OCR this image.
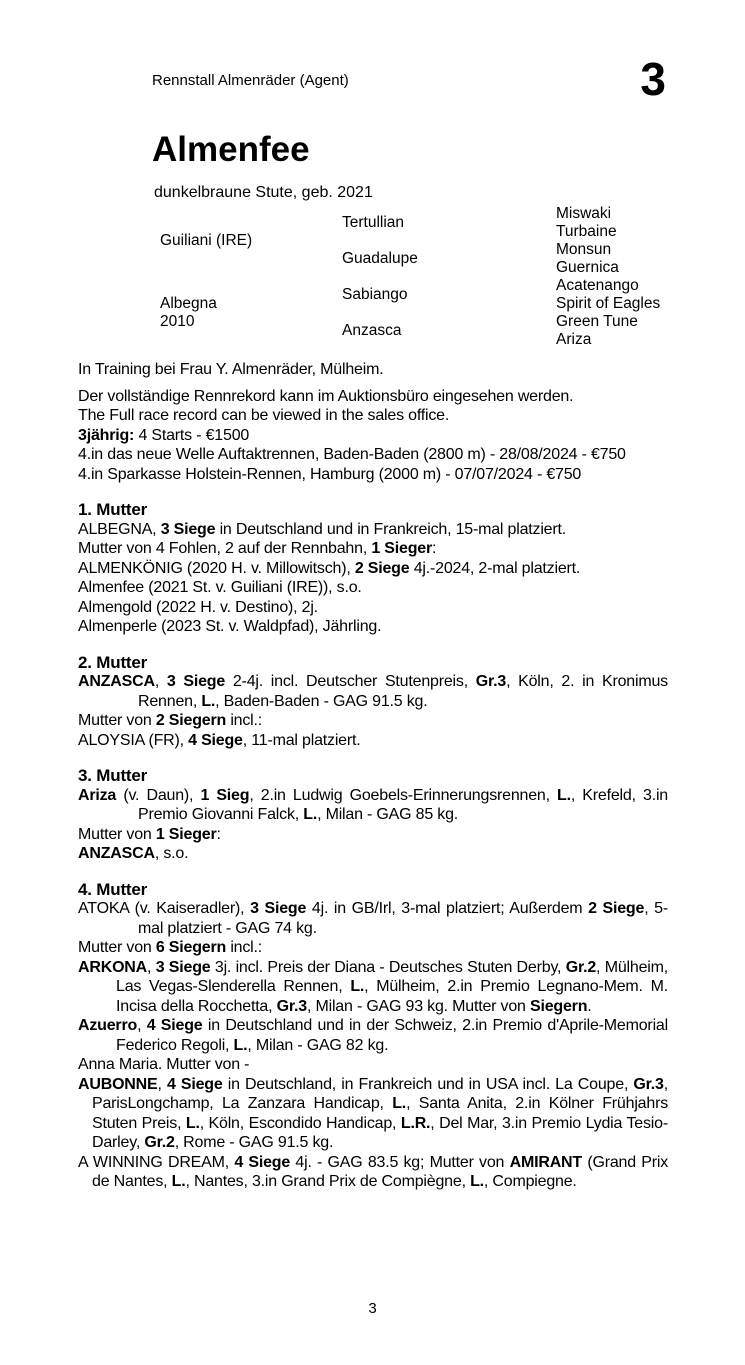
Rennstall Almenräder (Agent)	3
Almenfee
dunkelbraune Stute, geb. 2021
Guiliani (IRE)
Albegna
2010
Tertullian
Guadalupe
Sabiango
Anzasca
Miswaki
Turbaine
Monsun
Guernica
Acatenango
Spirit of Eagles
Green Tune
Ariza

In Training bei Frau Y. Almenräder, Mülheim.

Der vollständige Rennrekord kann im Auktionsbüro eingesehen werden.

The Full race record can be viewed in the sales office.

3jährig: 4 Starts - €1500

4.in das neue Welle Auftaktrennen, Baden-Baden (2800 m) - 28/08/2024 - €750

4.in Sparkasse Holstein-Rennen, Hamburg (2000 m) - 07/07/2024 - €750

1. Mutter

ALBEGNA, 3 Siege in Deutschland und in Frankreich, 15-mal platziert.

Mutter von 4 Fohlen, 2 auf der Rennbahn, 1 Sieger:

ALMENKÖNIG (2020 H. v. Millowitsch), 2 Siege 4j.-2024, 2-mal platziert.

Almenfee (2021 St. v. Guiliani (IRE)), s.o.

Almengold (2022 H. v. Destino), 2j.

Almenperle (2023 St. v. Waldpfad), Jährling.

2. Mutter

ANZASCA, 3 Siege 2-4j. incl. Deutscher Stutenpreis, Gr.3, Köln, 2. in Kronimus Rennen, L., Baden-Baden - GAG 91.5 kg.

Mutter von 2 Siegern incl.:

ALOYSIA (FR), 4 Siege, 11-mal platziert.

3. Mutter

Ariza (v. Daun), 1 Sieg, 2.in Ludwig Goebels-Erinnerungsrennen, L., Krefeld, 3.in Premio Giovanni Falck, L., Milan - GAG 85 kg.

Mutter von 1 Sieger:

ANZASCA, s.o.

4. Mutter

ATOKA (v. Kaiseradler), 3 Siege 4j. in GB/Irl, 3-mal platziert; Außerdem 2 Siege, 5-mal platziert - GAG 74 kg.

Mutter von 6 Siegern incl.:

ARKONA, 3 Siege 3j. incl. Preis der Diana - Deutsches Stuten Derby, Gr.2, Mülheim, Las Vegas-Slenderella Rennen, L., Mülheim, 2.in Premio Legnano-Mem. M. Incisa della Rocchetta, Gr.3, Milan - GAG 93 kg. Mutter von Siegern.

Azuerro, 4 Siege in Deutschland und in der Schweiz, 2.in Premio d'Aprile-Memorial Federico Regoli, L., Milan - GAG 82 kg.

Anna Maria. Mutter von -

AUBONNE, 4 Siege in Deutschland, in Frankreich und in USA incl. La Coupe, Gr.3, ParisLongchamp, La Zanzara Handicap, L., Santa Anita, 2.in Kölner Frühjahrs Stuten Preis, L., Köln, Escondido Handicap, L.R., Del Mar, 3.in Premio Lydia Tesio-Darley, Gr.2, Rome - GAG 91.5 kg.

A WINNING DREAM, 4 Siege 4j. - GAG 83.5 kg; Mutter von AMIRANT (Grand Prix de Nantes, L., Nantes, 3.in Grand Prix de Compiègne, L., Compiegne.

3
